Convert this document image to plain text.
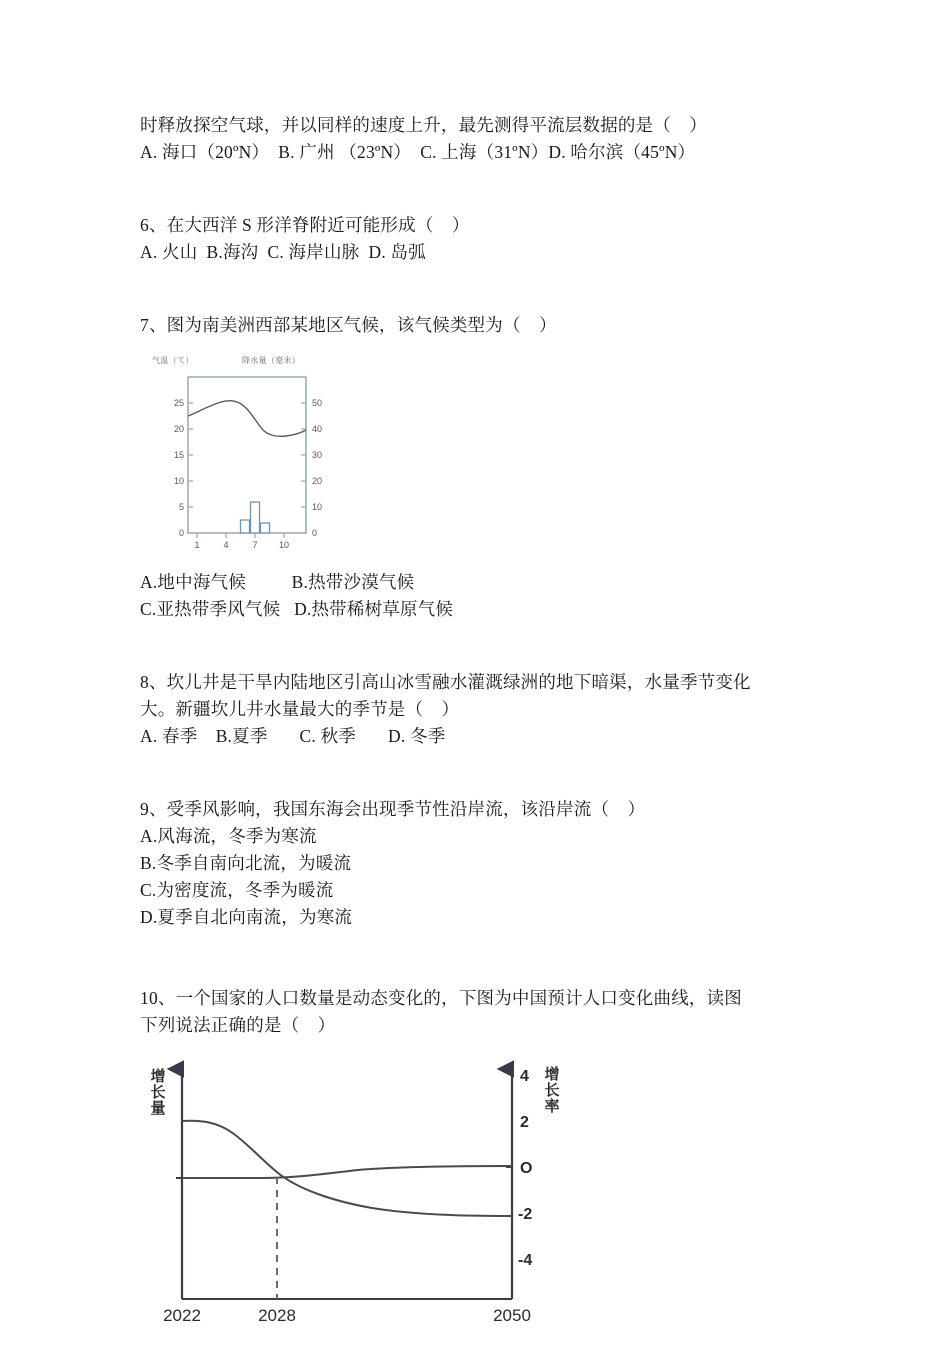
时释放探空气球，并以同样的速度上升，最先测得平流层数据的是（    ）
A. 海口（20ºN）  B. 广州 （23ºN）  C. 上海（31ºN）D. 哈尔滨（45ºN）
6、在大西洋 S 形洋脊附近可能形成（    ）
A. 火山  B.海沟  C. 海岸山脉  D. 岛弧
7、图为南美洲西部某地区气候，该气候类型为（    ）
气温（℃）	降水量（毫米）
25
20
15
10
5
0
50
40
30
20
10
0
1	4	7 10
A.地中海气候          B.热带沙漠气候
C.亚热带季风气候   D.热带稀树草原气候
8、坎儿井是干旱内陆地区引高山冰雪融水灌溉绿洲的地下暗渠，水量季节变化
大。新疆坎儿井水量最大的季节是（    ）
A. 春季    B.夏季       C. 秋季       D. 冬季
9、受季风影响，我国东海会出现季节性沿岸流，该沿岸流（    ）
A.风海流，冬季为寒流
B.冬季自南向北流，为暖流
C.为密度流，冬季为暖流
D.夏季自北向南流，为寒流
10、一个国家的人口数量是动态变化的，下图为中国预计人口变化曲线，读图
下列说法正确的是（    ）
增
长
量
增
长
率
4
2
O
-2
-4
2022	2028	2050
